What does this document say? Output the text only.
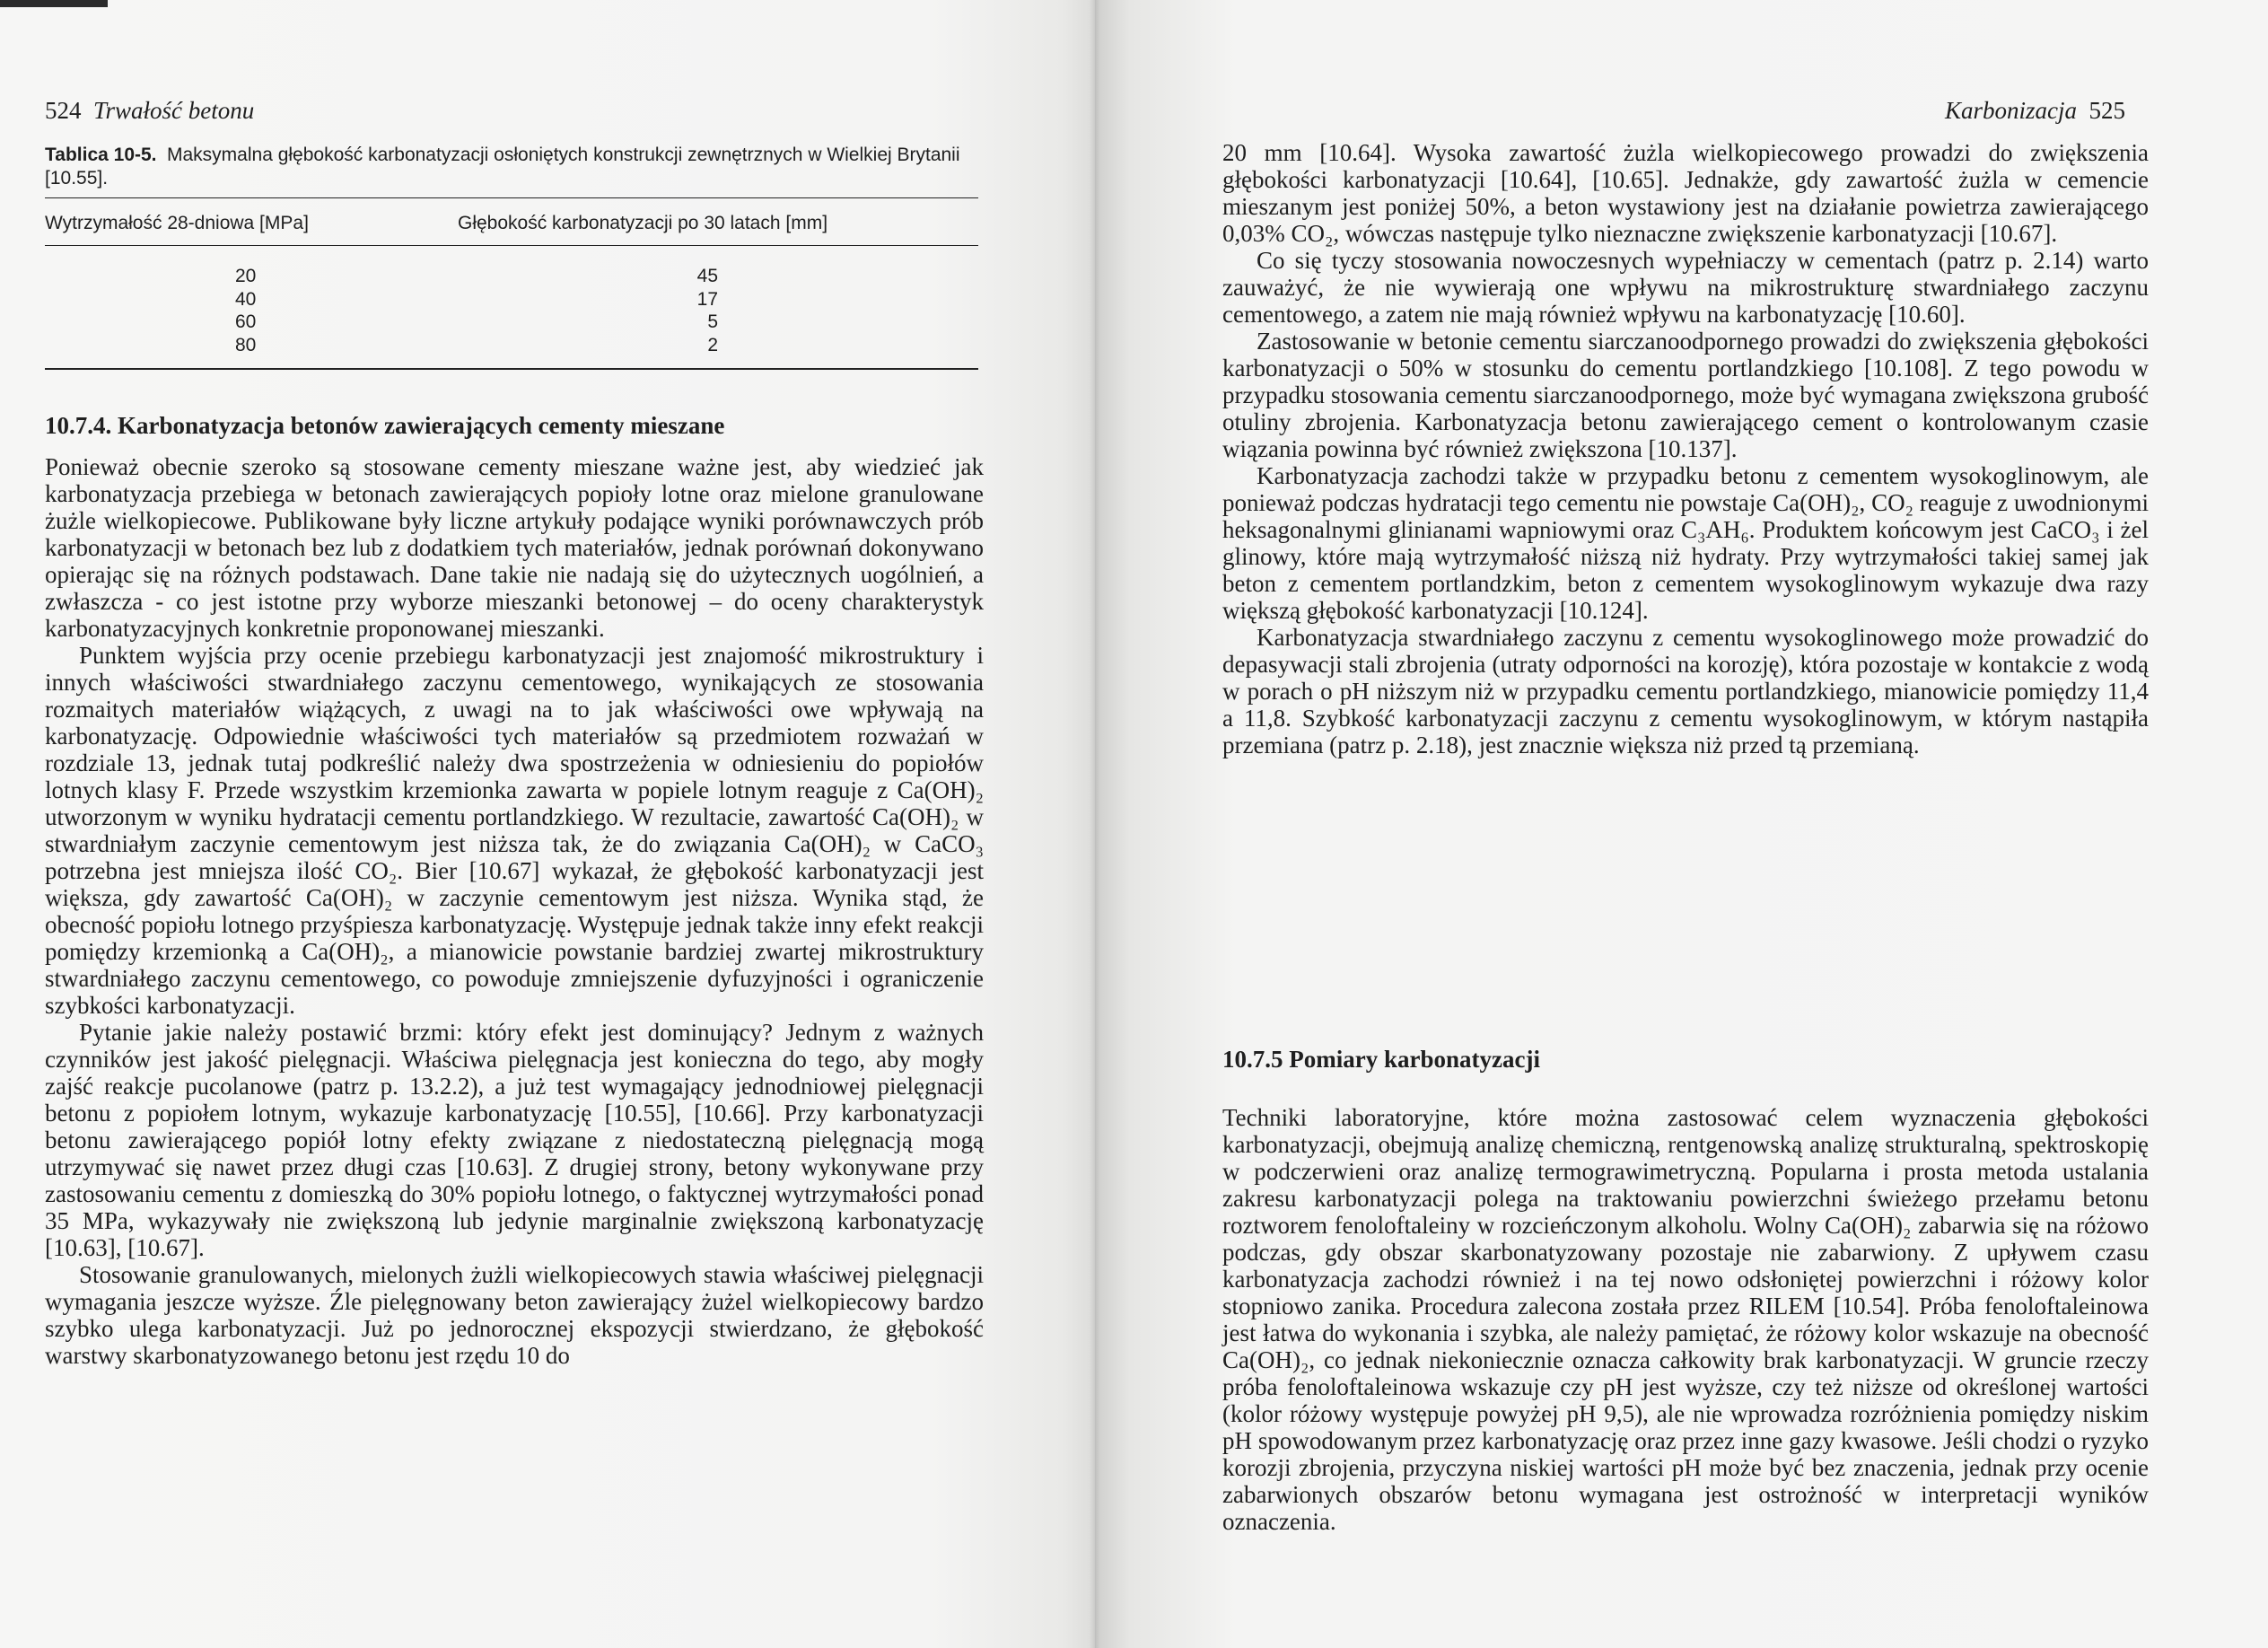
524 Trwałość betonu
Tablica 10-5. Maksymalna głębokość karbonatyzacji osłoniętych konstrukcji zewnętrznych w Wielkiej Brytanii [10.55].
Wytrzymałość 28-dniowa [MPa]	Głębokość karbonatyzacji po 30 latach [mm]
20
40
60
80
45
17
5
2
10.7.4. Karbonatyzacja betonów zawierających cementy mieszane

Ponieważ obecnie szeroko są stosowane cementy mieszane ważne jest, aby wiedzieć jak karbonatyzacja przebiega w betonach zawierających popioły lotne oraz mielone granulowane żużle wielkopiecowe. Publikowane były liczne artykuły podające wyniki porównawczych prób karbonatyzacji w betonach bez lub z dodatkiem tych materiałów, jednak porównań dokonywano opierając się na różnych podstawach. Dane takie nie nadają się do użytecznych uogólnień, a zwłaszcza - co jest istotne przy wyborze mieszanki betonowej – do oceny charakterystyk karbonatyzacyjnych konkretnie proponowanej mieszanki.

Punktem wyjścia przy ocenie przebiegu karbonatyzacji jest znajomość mikrostruktury i innych właściwości stwardniałego zaczynu cementowego, wynikających ze stosowania rozmaitych materiałów wiążących, z uwagi na to jak właściwości owe wpływają na karbonatyzację. Odpowiednie właściwości tych materiałów są przedmiotem rozważań w rozdziale 13, jednak tutaj podkreślić należy dwa spostrzeżenia w odniesieniu do popiołów lotnych klasy F. Przede wszystkim krzemionka zawarta w popiele lotnym reaguje z Ca(OH)₂ utworzonym w wyniku hydratacji cementu portlandzkiego. W rezultacie, zawartość Ca(OH)₂ w stwardniałym zaczynie cementowym jest niższa tak, że do związania Ca(OH)₂ w CaCO₃ potrzebna jest mniejsza ilość CO₂. Bier [10.67] wykazał, że głębokość karbonatyzacji jest większa, gdy zawartość Ca(OH)₂ w zaczynie cementowym jest niższa. Wynika stąd, że obecność popiołu lotnego przyśpiesza karbonatyzację. Występuje jednak także inny efekt reakcji pomiędzy krzemionką a Ca(OH)₂, a mianowicie powstanie bardziej zwartej mikrostruktury stwardniałego zaczynu cementowego, co powoduje zmniejszenie dyfuzyjności i ograniczenie szybkości karbonatyzacji.

Pytanie jakie należy postawić brzmi: który efekt jest dominujący? Jednym z ważnych czynników jest jakość pielęgnacji. Właściwa pielęgnacja jest konieczna do tego, aby mogły zajść reakcje pucolanowe (patrz p. 13.2.2), a już test wymagający jednodniowej pielęgnacji betonu z popiołem lotnym, wykazuje karbonatyzację [10.55], [10.66]. Przy karbonatyzacji betonu zawierającego popiół lotny efekty związane z niedostateczną pielęgnacją mogą utrzymywać się nawet przez długi czas [10.63]. Z drugiej strony, betony wykonywane przy zastosowaniu cementu z domieszką do 30% popiołu lotnego, o faktycznej wytrzymałości ponad 35 MPa, wykazywały nie zwiększoną lub jedynie marginalnie zwiększoną karbonatyzację [10.63], [10.67].

Stosowanie granulowanych, mielonych żużli wielkopiecowych stawia właściwej pielęgnacji wymagania jeszcze wyższe. Źle pielęgnowany beton zawierający żużel wielkopiecowy bardzo szybko ulega karbonatyzacji. Już po jednorocznej ekspozycji stwierdzano, że głębokość warstwy skarbonatyzowanego betonu jest rzędu 10 do

Karbonizacja 525

20 mm [10.64]. Wysoka zawartość żużla wielkopiecowego prowadzi do zwiększenia głębokości karbonatyzacji [10.64], [10.65]. Jednakże, gdy zawartość żużla w cemencie mieszanym jest poniżej 50%, a beton wystawiony jest na działanie powietrza zawierającego 0,03% CO₂, wówczas następuje tylko nieznaczne zwiększenie karbonatyzacji [10.67].

Co się tyczy stosowania nowoczesnych wypełniaczy w cementach (patrz p. 2.14) warto zauważyć, że nie wywierają one wpływu na mikrostrukturę stwardniałego zaczynu cementowego, a zatem nie mają również wpływu na karbonatyzację [10.60].

Zastosowanie w betonie cementu siarczanoodpornego prowadzi do zwiększenia głębokości karbonatyzacji o 50% w stosunku do cementu portlandzkiego [10.108]. Z tego powodu w przypadku stosowania cementu siarczanoodpornego, może być wymagana zwiększona grubość otuliny zbrojenia. Karbonatyzacja betonu zawierającego cement o kontrolowanym czasie wiązania powinna być również zwiększona [10.137].

Karbonatyzacja zachodzi także w przypadku betonu z cementem wysokoglinowym, ale ponieważ podczas hydratacji tego cementu nie powstaje Ca(OH)₂, CO₂ reaguje z uwodnionymi heksagonalnymi glinianami wapniowymi oraz C₃AH₆. Produktem końcowym jest CaCO₃ i żel glinowy, które mają wytrzymałość niższą niż hydraty. Przy wytrzymałości takiej samej jak beton z cementem portlandzkim, beton z cementem wysokoglinowym wykazuje dwa razy większą głębokość karbonatyzacji [10.124].

Karbonatyzacja stwardniałego zaczynu z cementu wysokoglinowego może prowadzić do depasywacji stali zbrojenia (utraty odporności na korozję), która pozostaje w kontakcie z wodą w porach o pH niższym niż w przypadku cementu portlandzkiego, mianowicie pomiędzy 11,4 a 11,8. Szybkość karbonatyzacji zaczynu z cementu wysokoglinowym, w którym nastąpiła przemiana (patrz p. 2.18), jest znacznie większa niż przed tą przemianą.

10.7.5 Pomiary karbonatyzacji

Techniki laboratoryjne, które można zastosować celem wyznaczenia głębokości karbonatyzacji, obejmują analizę chemiczną, rentgenowską analizę strukturalną, spektroskopię w podczerwieni oraz analizę termograwimetryczną. Popularna i prosta metoda ustalania zakresu karbonatyzacji polega na traktowaniu powierzchni świeżego przełamu betonu roztworem fenoloftaleiny w rozcieńczonym alkoholu. Wolny Ca(OH)₂ zabarwia się na różowo podczas, gdy obszar skarbonatyzowany pozostaje nie zabarwiony. Z upływem czasu karbonatyzacja zachodzi również i na tej nowo odsłoniętej powierzchni i różowy kolor stopniowo zanika. Procedura zalecona została przez RILEM [10.54]. Próba fenoloftaleinowa jest łatwa do wykonania i szybka, ale należy pamiętać, że różowy kolor wskazuje na obecność Ca(OH)₂, co jednak niekoniecznie oznacza całkowity brak karbonatyzacji. W gruncie rzeczy próba fenoloftaleinowa wskazuje czy pH jest wyższe, czy też niższe od określonej wartości (kolor różowy występuje powyżej pH 9,5), ale nie wprowadza rozróżnienia pomiędzy niskim pH spowodowanym przez karbonatyzację oraz przez inne gazy kwasowe. Jeśli chodzi o ryzyko korozji zbrojenia, przyczyna niskiej wartości pH może być bez znaczenia, jednak przy ocenie zabarwionych obszarów betonu wymagana jest ostrożność w interpretacji wyników oznaczenia.
